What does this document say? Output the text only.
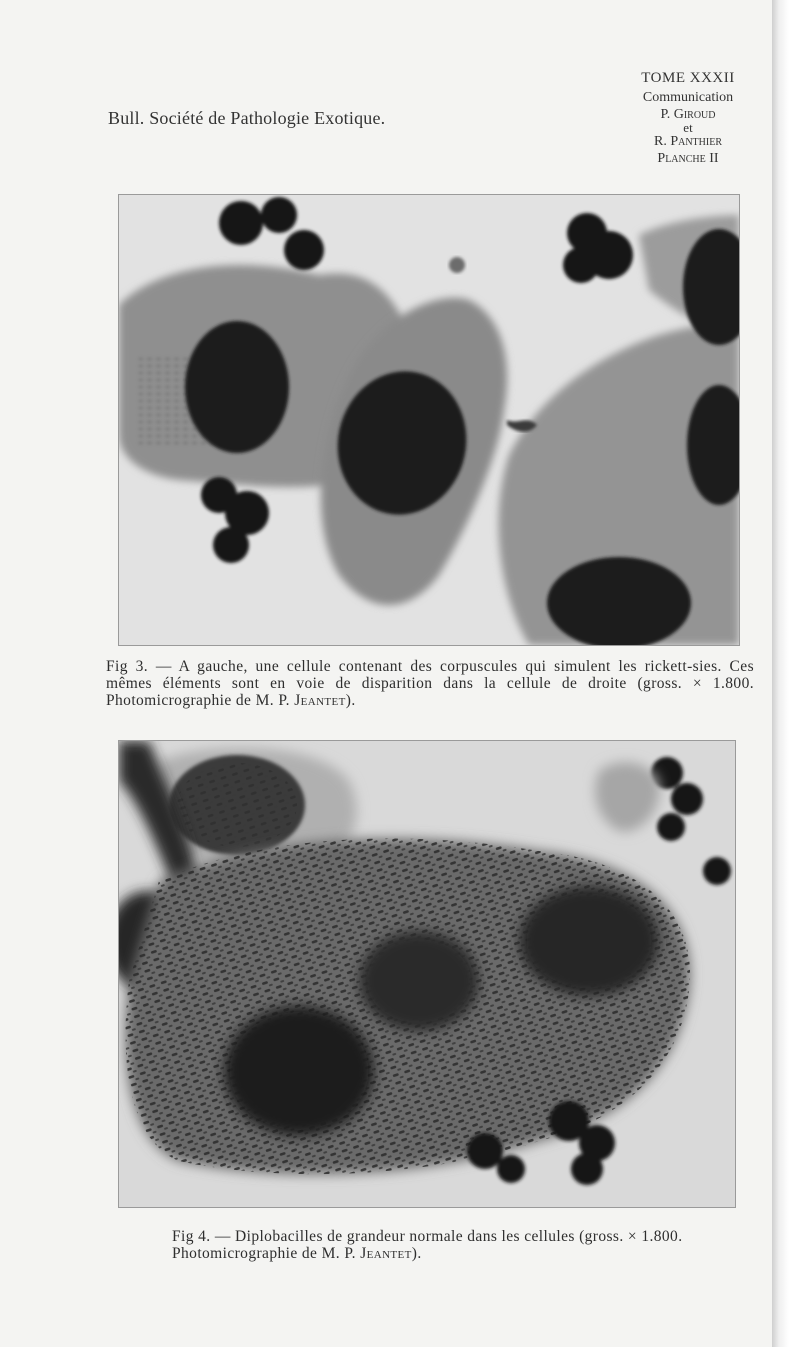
Bull. Société de Pathologie Exotique.
TOME XXXII
Communication
P. Giroud
et
R. Panthier
Planche II
Fig 3. — A gauche, une cellule contenant des corpuscules qui simulent les rickett-sies. Ces mêmes éléments sont en voie de disparition dans la cellule de droite (gross. × 1.800. Photomicrographie de M. P. Jeantet).
Fig 4. — Diplobacilles de grandeur normale dans les cellules (gross. × 1.800. Photomicrographie de M. P. Jeantet).
